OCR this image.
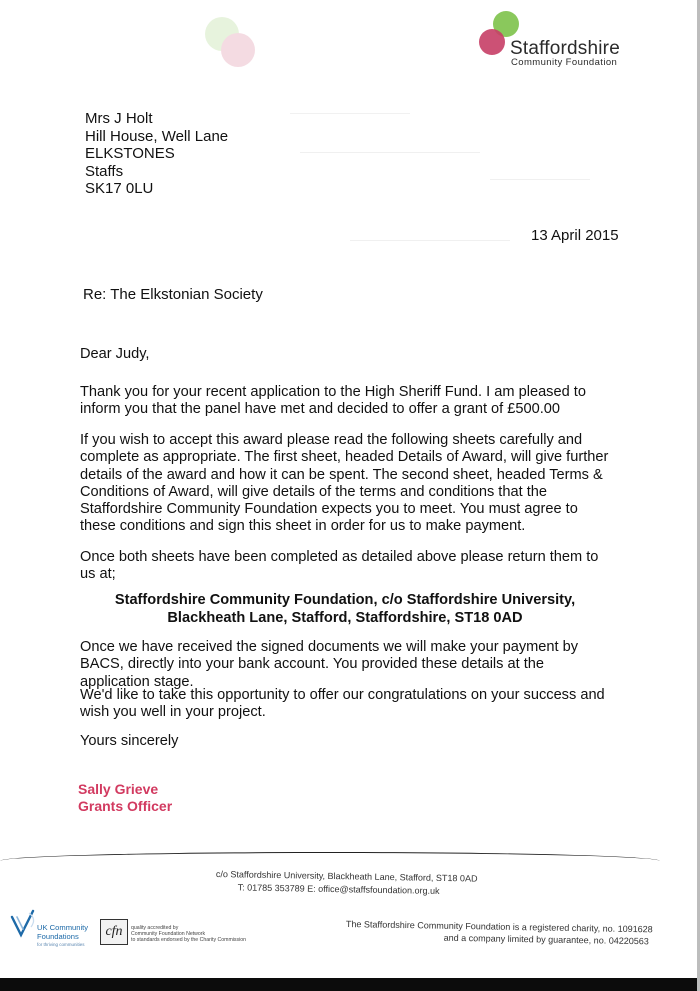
Staffordshire
Community Foundation
Mrs J Holt
Hill House, Well Lane
ELKSTONES
Staffs
SK17 0LU
13 April 2015
Re: The Elkstonian Society
Dear Judy,

Thank you for your recent application to the High Sheriff Fund. I am pleased to inform you that the panel have met and decided to offer a grant of £500.00

If you wish to accept this award please read the following sheets carefully and complete as appropriate. The first sheet, headed Details of Award, will give further details of the award and how it can be spent. The second sheet, headed Terms & Conditions of Award, will give details of the terms and conditions that the Staffordshire Community Foundation expects you to meet. You must agree to these conditions and sign this sheet in order for us to make payment.

Once both sheets have been completed as detailed above please return them to us at;

Staffordshire Community Foundation, c/o Staffordshire University, Blackheath Lane, Stafford, Staffordshire, ST18 0AD

Once we have received the signed documents we will make your payment by BACS, directly into your bank account. You provided these details at the application stage.

We'd like to take this opportunity to offer our congratulations on your success and wish you well in your project.

Yours sincerely
Sally Grieve
Grants Officer
c/o Staffordshire University, Blackheath Lane, Stafford, ST18 0AD
T: 01785 353789 E: office@staffsfoundation.org.uk
UK Community
Foundations
for thriving communities
cfn	quality accredited by
Community Foundation Network
to standards endorsed by the Charity Commission
The Staffordshire Community Foundation is a registered charity, no. 1091628
and a company limited by guarantee, no. 04220563
